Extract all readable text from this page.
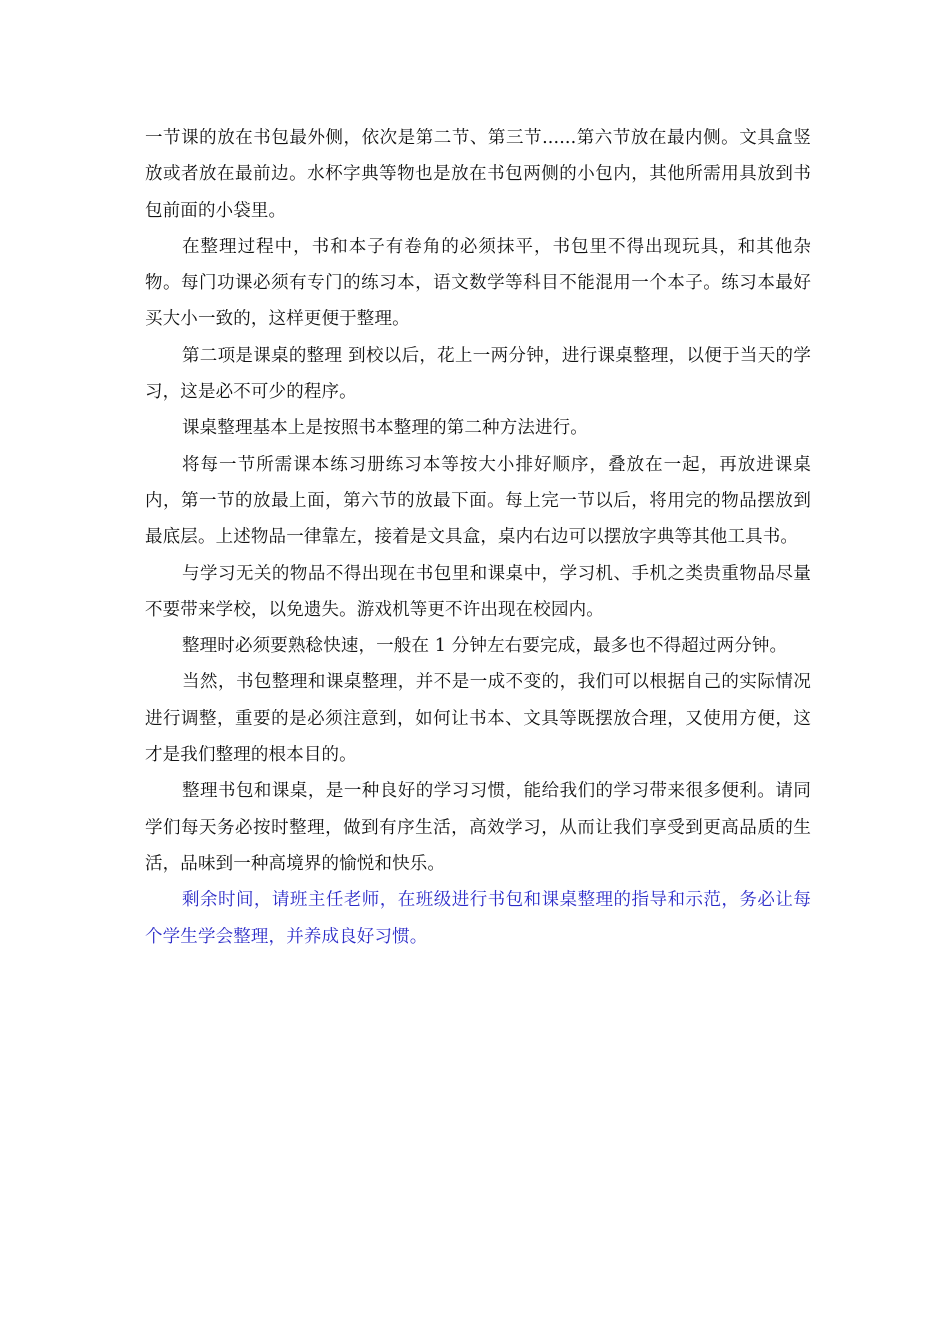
一节课的放在书包最外侧，依次是第二节、第三节......第六节放在最内侧。文具盒竖放或者放在最前边。水杯字典等物也是放在书包两侧的小包内，其他所需用具放到书包前面的小袋里。

在整理过程中，书和本子有卷角的必须抹平，书包里不得出现玩具，和其他杂物。每门功课必须有专门的练习本，语文数学等科目不能混用一个本子。练习本最好买大小一致的，这样更便于整理。

第二项是课桌的整理 到校以后，花上一两分钟，进行课桌整理，以便于当天的学习，这是必不可少的程序。

课桌整理基本上是按照书本整理的第二种方法进行。

将每一节所需课本练习册练习本等按大小排好顺序，叠放在一起，再放进课桌内，第一节的放最上面，第六节的放最下面。每上完一节以后，将用完的物品摆放到最底层。上述物品一律靠左，接着是文具盒，桌内右边可以摆放字典等其他工具书。

与学习无关的物品不得出现在书包里和课桌中，学习机、手机之类贵重物品尽量不要带来学校，以免遗失。游戏机等更不许出现在校园内。

整理时必须要熟稔快速，一般在 1 分钟左右要完成，最多也不得超过两分钟。

当然，书包整理和课桌整理，并不是一成不变的，我们可以根据自己的实际情况进行调整，重要的是必须注意到，如何让书本、文具等既摆放合理，又使用方便，这才是我们整理的根本目的。

整理书包和课桌，是一种良好的学习习惯，能给我们的学习带来很多便利。请同学们每天务必按时整理，做到有序生活，高效学习，从而让我们享受到更高品质的生活，品味到一种高境界的愉悦和快乐。

剩余时间，请班主任老师，在班级进行书包和课桌整理的指导和示范，务必让每个学生学会整理，并养成良好习惯。
